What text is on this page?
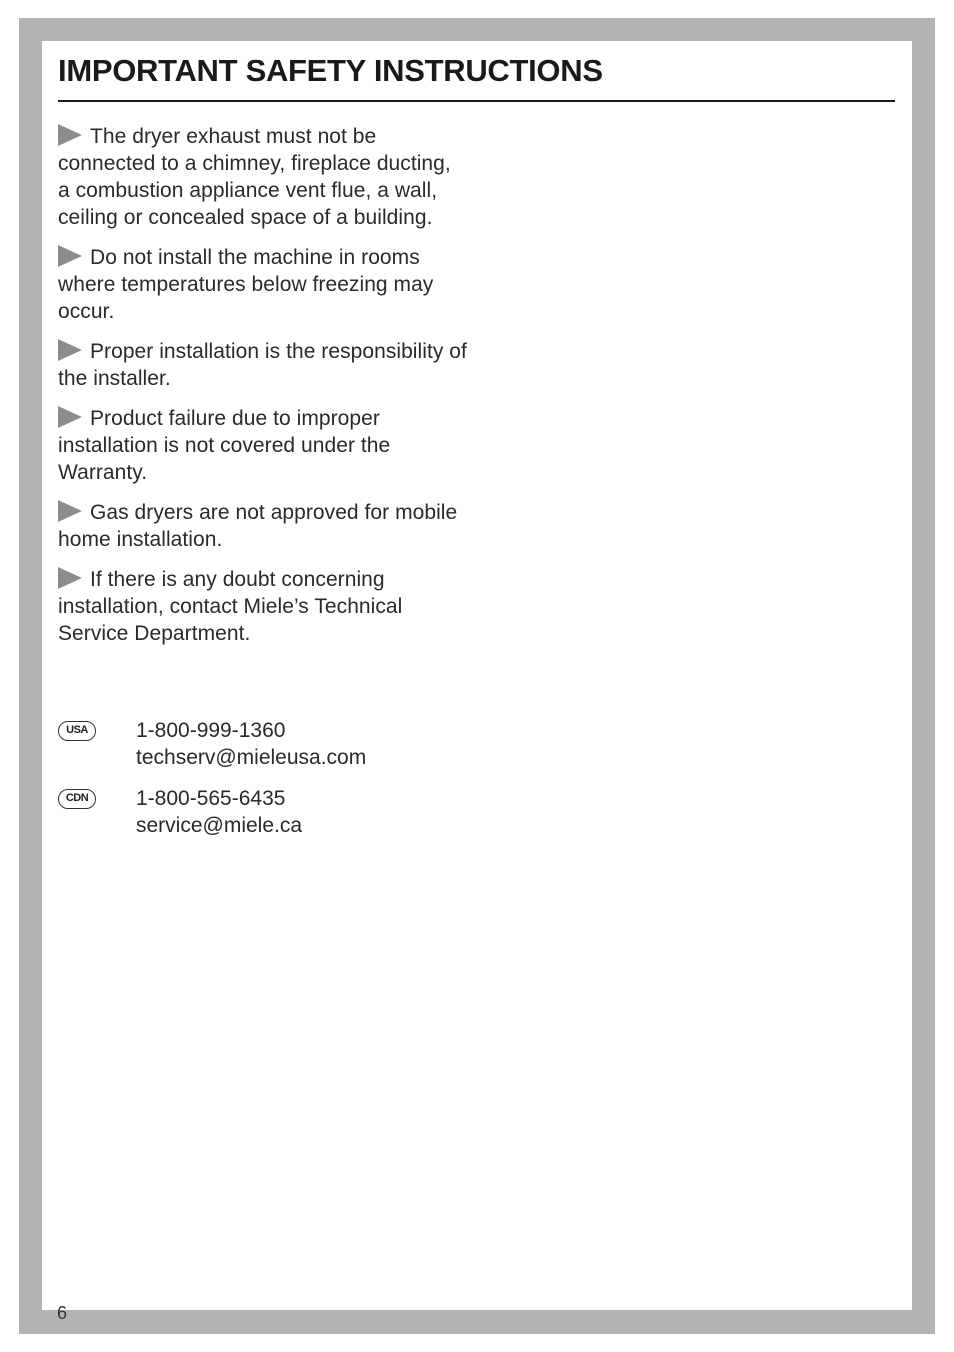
IMPORTANT SAFETY INSTRUCTIONS
The dryer exhaust must not be connected to a chimney, fireplace ducting, a combustion appliance vent flue, a wall, ceiling or concealed space of a building.
Do not install the machine in rooms where temperatures below freezing may occur.
Proper installation is the responsibility of the installer.
Product failure due to improper installation is not covered under the Warranty.
Gas dryers are not approved for mobile home installation.
If there is any doubt concerning installation, contact Miele’s Technical Service Department.
USA	1-800-999-1360
techserv@mieleusa.com
CDN	1-800-565-6435
service@miele.ca
6
